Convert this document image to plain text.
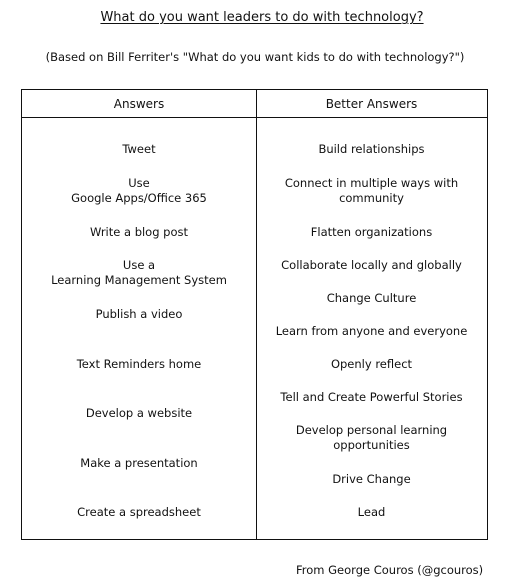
What do you want leaders to do with technology?
(Based on Bill Ferriter's "What do you want kids to do with technology?")
Answers	Better Answers
Tweet
Use
Google Apps/Office 365
Write a blog post
Use a
Learning Management System
Publish a video
Text Reminders home
Develop a website
Make a presentation
Create a spreadsheet
Build relationships
Connect in multiple ways with
community
Flatten organizations
Collaborate locally and globally
Change Culture
Learn from anyone and everyone
Openly reflect
Tell and Create Powerful Stories
Develop personal learning
opportunities
Drive Change
Lead
From George Couros (@gcouros)
